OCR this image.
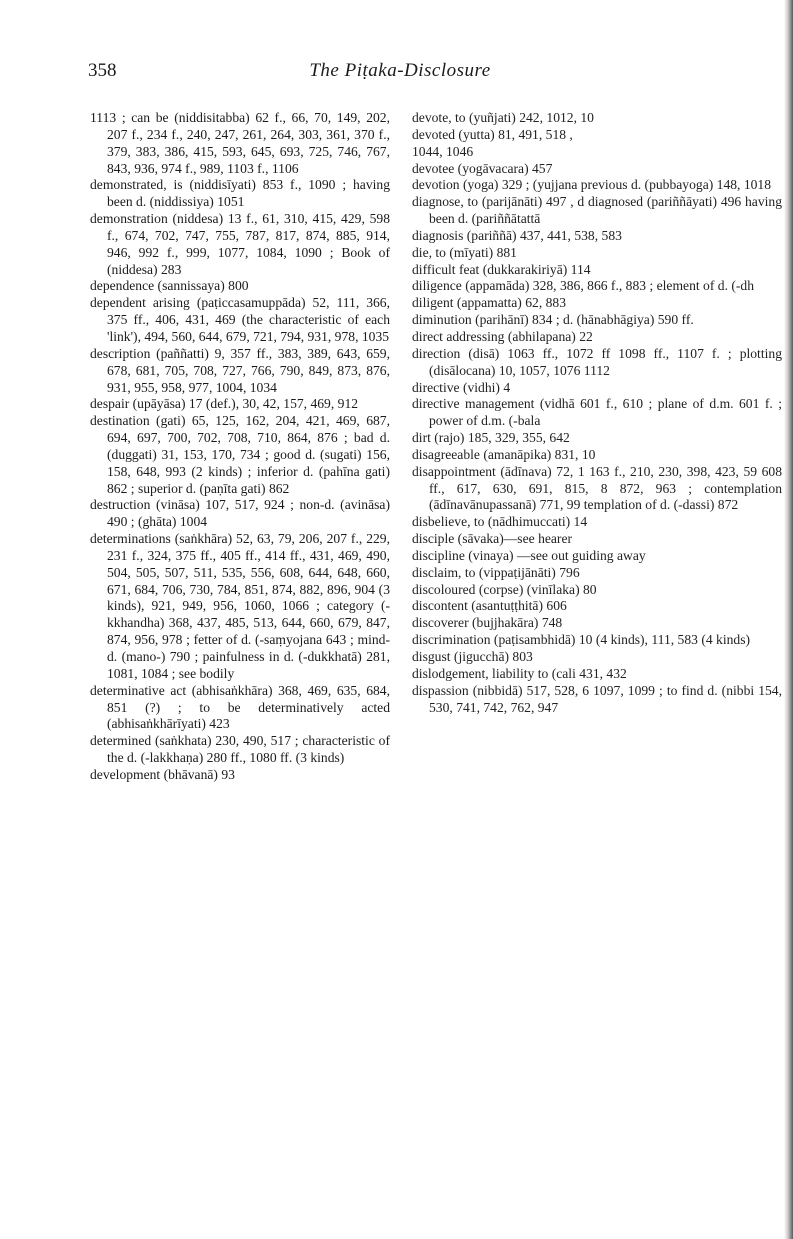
358	The Piṭaka-Disclosure
1113 ; can be (niddisitabba) 62 f., 66, 70, 149, 202, 207 f., 234 f., 240, 247, 261, 264, 303, 361, 370 f., 379, 383, 386, 415, 593, 645, 693, 725, 746, 767, 843, 936, 974 f., 989, 1103 f., 1106
demonstrated, is (niddisīyati) 853 f., 1090 ; having been d. (niddissiya) 1051
demonstration (niddesa) 13 f., 61, 310, 415, 429, 598 f., 674, 702, 747, 755, 787, 817, 874, 885, 914, 946, 992 f., 999, 1077, 1084, 1090 ; Book of (niddesa) 283
dependence (sannissaya) 800
dependent arising (paṭiccasamuppāda) 52, 111, 366, 375 ff., 406, 431, 469 (the characteristic of each 'link'), 494, 560, 644, 679, 721, 794, 931, 978, 1035
description (paññatti) 9, 357 ff., 383, 389, 643, 659, 678, 681, 705, 708, 727, 766, 790, 849, 873, 876, 931, 955, 958, 977, 1004, 1034
despair (upāyāsa) 17 (def.), 30, 42, 157, 469, 912
destination (gati) 65, 125, 162, 204, 421, 469, 687, 694, 697, 700, 702, 708, 710, 864, 876 ; bad d. (duggati) 31, 153, 170, 734 ; good d. (sugati) 156, 158, 648, 993 (2 kinds) ; inferior d. (pahīna gati) 862 ; superior d. (paṇīta gati) 862
destruction (vināsa) 107, 517, 924 ; non-d. (avināsa) 490 ; (ghāta) 1004
determinations (saṅkhāra) 52, 63, 79, 206, 207 f., 229, 231 f., 324, 375 ff., 405 ff., 414 ff., 431, 469, 490, 504, 505, 507, 511, 535, 556, 608, 644, 648, 660, 671, 684, 706, 730, 784, 851, 874, 882, 896, 904 (3 kinds), 921, 949, 956, 1060, 1066 ; category (-kkhandha) 368, 437, 485, 513, 644, 660, 679, 847, 874, 956, 978 ; fetter of d. (-saṃyojana 643 ; mind-d. (mano-) 790 ; painfulness in d. (-dukkhatā) 281, 1081, 1084 ; see bodily
determinative act (abhisaṅkhāra) 368, 469, 635, 684, 851 (?) ; to be determinatively acted (abhisaṅkhārīyati) 423
determined (saṅkhata) 230, 490, 517 ; characteristic of the d. (-lakkhaṇa) 280 ff., 1080 ff. (3 kinds)
development (bhāvanā) 93
devote, to (yuñjati) 242, 1012, 10
devoted (yutta) 81, 491, 518 ,
1044, 1046
devotee (yogāvacara) 457
devotion (yoga) 329 ; (yujjana previous d. (pubbayoga) 148, 1018
diagnose, to (parijānāti) 497 , d diagnosed (pariññāyati) 496 having been d. (pariññātattā
diagnosis (pariññā) 437, 441, 538, 583
die, to (mīyati) 881
difficult feat (dukkarakiriyā) 114
diligence (appamāda) 328, 386, 866 f., 883 ; element of d. (-dh
diligent (appamatta) 62, 883
diminution (parihānī) 834 ; d. (hānabhāgiya) 590 ff.
direct addressing (abhilapana) 22
direction (disā) 1063 ff., 1072 ff 1098 ff., 1107 f. ; plotting (disālocana) 10, 1057, 1076 1112
directive (vidhi) 4
directive management (vidhā 601 f., 610 ; plane of d.m. 601 f. ; power of d.m. (-bala
dirt (rajo) 185, 329, 355, 642
disagreeable (amanāpika) 831, 10
disappointment (ādīnava) 72, 1 163 f., 210, 230, 398, 423, 59 608 ff., 617, 630, 691, 815, 8 872, 963 ; contemplation (ādīnavānupassanā) 771, 99 templation of d. (-dassi) 872
disbelieve, to (nādhimuccati) 14
disciple (sāvaka)—see hearer
discipline (vinaya) —see out guiding away
disclaim, to (vippaṭijānāti) 796
discoloured (corpse) (vinīlaka) 80
discontent (asantuṭṭhitā) 606
discoverer (bujjhakāra) 748
discrimination (paṭisambhidā) 10 (4 kinds), 111, 583 (4 kinds)
disgust (jigucchā) 803
dislodgement, liability to (cali 431, 432
dispassion (nibbidā) 517, 528, 6 1097, 1099 ; to find d. (nibbi 154, 530, 741, 742, 762, 947
